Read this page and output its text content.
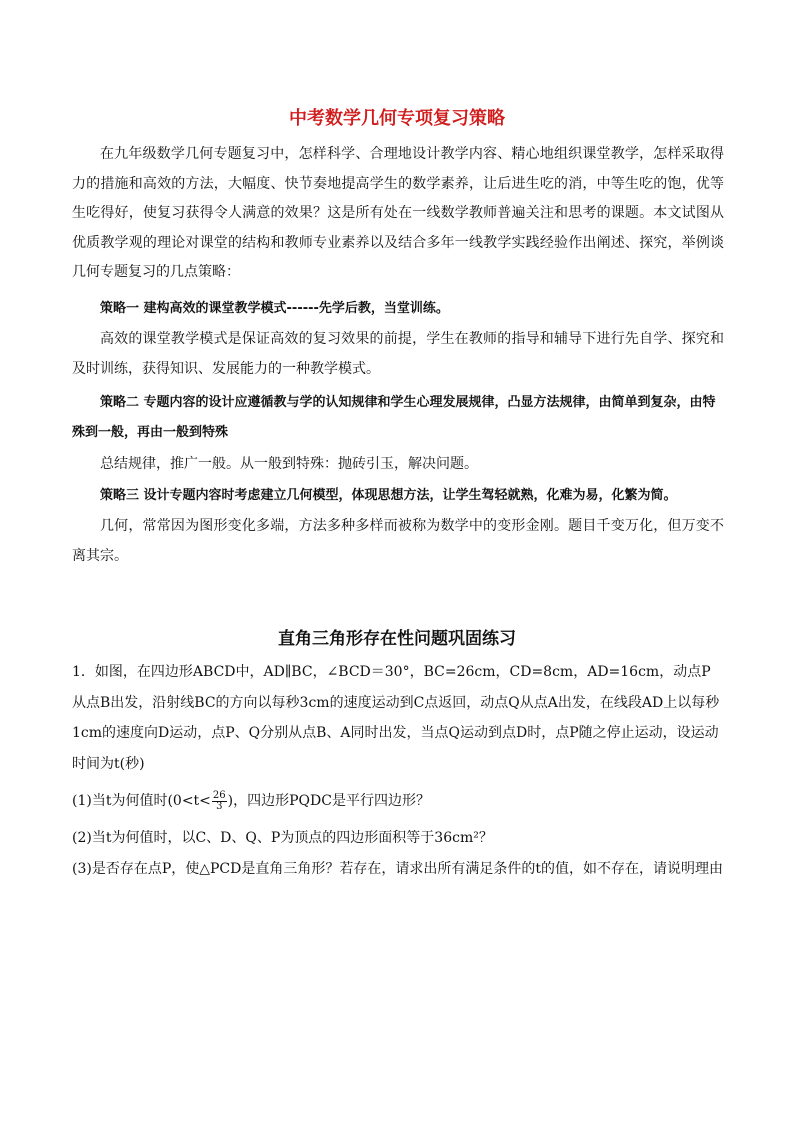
中考数学几何专项复习策略
在九年级数学几何专题复习中，怎样科学、合理地设计教学内容、精心地组织课堂教学，怎样采取得力的措施和高效的方法，大幅度、快节奏地提高学生的数学素养，让后进生吃的消，中等生吃的饱，优等生吃得好，使复习获得令人满意的效果？这是所有处在一线数学教师普遍关注和思考的课题。本文试图从优质教学观的理论对课堂的结构和教师专业素养以及结合多年一线教学实践经验作出阐述、探究，举例谈几何专题复习的几点策略：
策略一 建构高效的课堂教学模式------先学后教，当堂训练。
高效的课堂教学模式是保证高效的复习效果的前提，学生在教师的指导和辅导下进行先自学、探究和及时训练，获得知识、发展能力的一种教学模式。
策略二 专题内容的设计应遵循教与学的认知规律和学生心理发展规律，凸显方法规律，由简单到复杂，由特殊到一般，再由一般到特殊
总结规律，推广一般。从一般到特殊：抛砖引玉，解决问题。
策略三 设计专题内容时考虑建立几何模型，体现思想方法，让学生驾轻就熟，化难为易，化繁为简。
几何，常常因为图形变化多端，方法多种多样而被称为数学中的变形金刚。题目千变万化，但万变不离其宗。
直角三角形存在性问题巩固练习
1．如图，在四边形ABCD中，AD∥BC，∠BCD＝30°，BC=26cm，CD=8cm，AD=16cm，动点P从点B出发，沿射线BC的方向以每秒3cm的速度运动到C点返回，动点Q从点A出发，在线段AD上以每秒1cm的速度向D运动，点P、Q分别从点B、A同时出发，当点Q运动到点D时，点P随之停止运动，设运动时间为t(秒)
(1)当t为何值时($0<t< \frac{26}{3}$ )，四边形PQDC是平行四边形？
(2)当t为何值时，以C、D、Q、P为顶点的四边形面积等于36cm²？
(3)是否存在点P，使△PCD是直角三角形？若存在，请求出所有满足条件的t的值，如不存在，请说明理由
